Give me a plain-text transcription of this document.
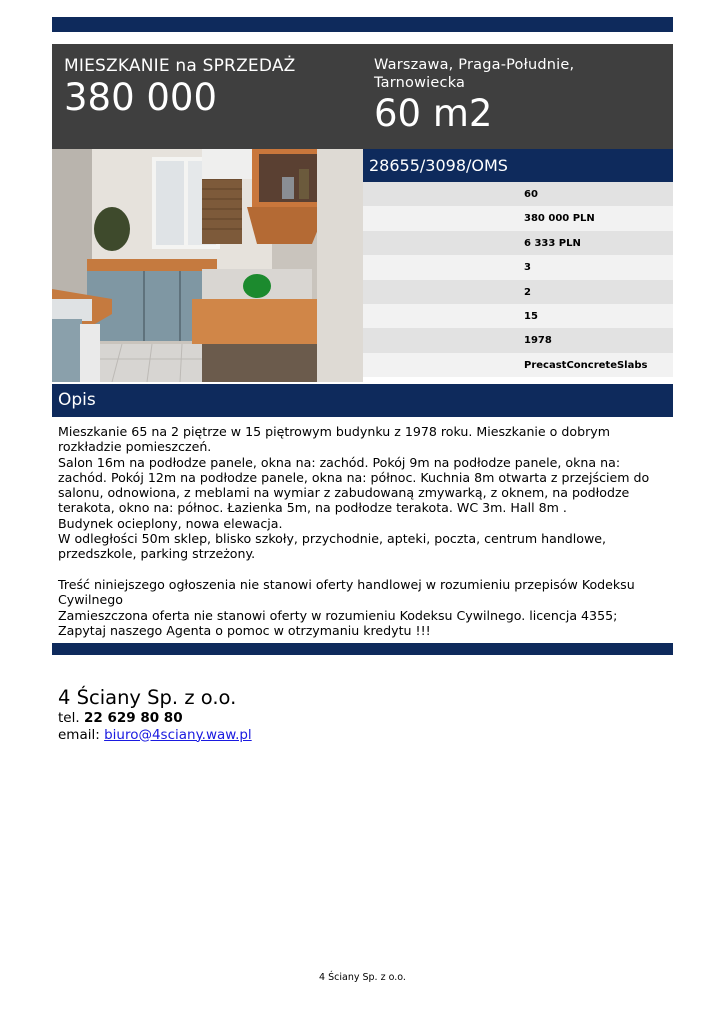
MIESZKANIE na SPRZEDAŻ
380 000
Warszawa, Praga-Południe, Tarnowiecka
60 m2
28655/3098/OMS
60
380 000 PLN
6 333 PLN
3
2
15
1978
PrecastConcreteSlabs
Opis
Mieszkanie 65 na 2 piętrze w 15 piętrowym budynku z 1978 roku. Mieszkanie o dobrym rozkładzie pomieszczeń.
Salon 16m na podłodze panele, okna na: zachód. Pokój 9m na podłodze panele, okna na: zachód. Pokój 12m na podłodze panele, okna na: północ. Kuchnia 8m otwarta z przejściem do salonu, odnowiona, z meblami na wymiar z zabudowaną zmywarką, z oknem, na podłodze terakota, okno na: północ. Łazienka 5m, na podłodze terakota. WC 3m. Hall 8m .
Budynek ocieplony, nowa elewacja.
W odległości 50m sklep, blisko szkoły, przychodnie, apteki, poczta, centrum handlowe, przedszkole, parking strzeżony.

Treść niniejszego ogłoszenia nie stanowi oferty handlowej w rozumieniu przepisów Kodeksu Cywilnego
Zamieszczona oferta nie stanowi oferty w rozumieniu Kodeksu Cywilnego. licencja 4355;
Zapytaj naszego Agenta o pomoc w otrzymaniu kredytu !!!
4 Ściany Sp. z o.o.
tel. 22 629 80 80
email: biuro@4sciany.waw.pl
4 Ściany Sp. z o.o.
